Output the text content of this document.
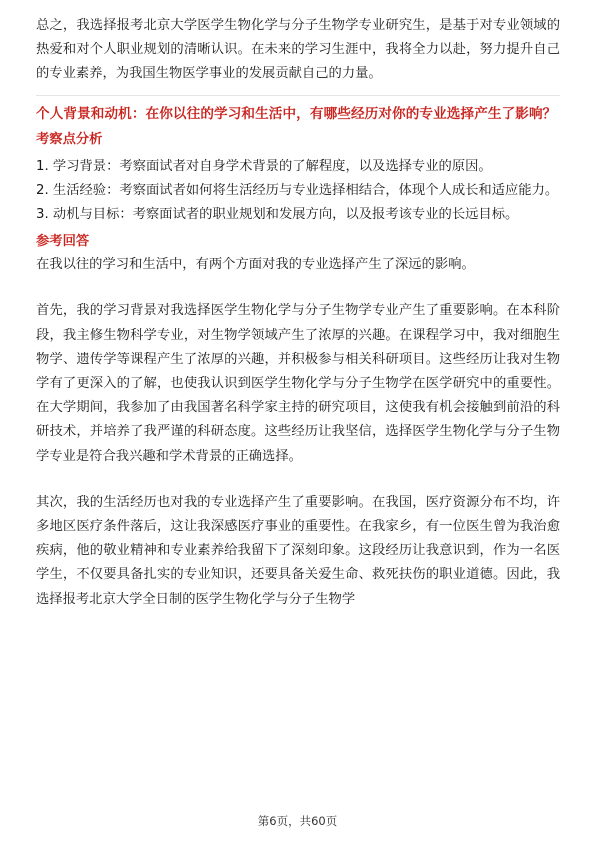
总之，我选择报考北京大学医学生物化学与分子生物学专业研究生，是基于对专业领域的热爱和对个人职业规划的清晰认识。在未来的学习生涯中，我将全力以赴，努力提升自己的专业素养，为我国生物医学事业的发展贡献自己的力量。

个人背景和动机：在你以往的学习和生活中，有哪些经历对你的专业选择产生了影响？

考察点分析

1. 学习背景：考察面试者对自身学术背景的了解程度，以及选择专业的原因。

2. 生活经验：考察面试者如何将生活经历与专业选择相结合，体现个人成长和适应能力。

3. 动机与目标：考察面试者的职业规划和发展方向，以及报考该专业的长远目标。

参考回答

在我以往的学习和生活中，有两个方面对我的专业选择产生了深远的影响。

首先，我的学习背景对我选择医学生物化学与分子生物学专业产生了重要影响。在本科阶段，我主修生物科学专业，对生物学领域产生了浓厚的兴趣。在课程学习中，我对细胞生物学、遗传学等课程产生了浓厚的兴趣，并积极参与相关科研项目。这些经历让我对生物学有了更深入的了解，也使我认识到医学生物化学与分子生物学在医学研究中的重要性。在大学期间，我参加了由我国著名科学家主持的研究项目，这使我有机会接触到前沿的科研技术，并培养了我严谨的科研态度。这些经历让我坚信，选择医学生物化学与分子生物学专业是符合我兴趣和学术背景的正确选择。

其次，我的生活经历也对我的专业选择产生了重要影响。在我国，医疗资源分布不均，许多地区医疗条件落后，这让我深感医疗事业的重要性。在我家乡，有一位医生曾为我治愈疾病，他的敬业精神和专业素养给我留下了深刻印象。这段经历让我意识到，作为一名医学生，不仅要具备扎实的专业知识，还要具备关爱生命、救死扶伤的职业道德。因此，我选择报考北京大学全日制的医学生物化学与分子生物学

第6页，共60页
